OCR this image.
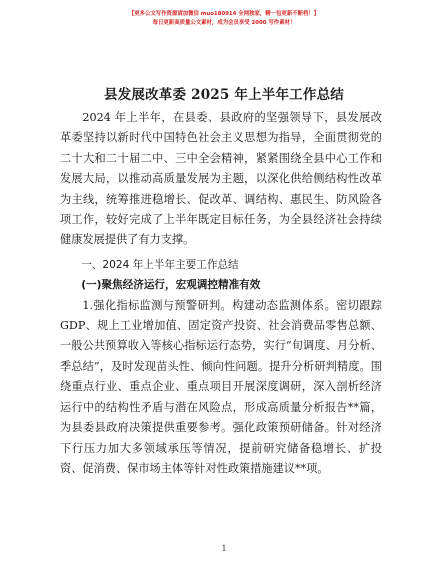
【更多公文写作资源请加微信 muo180914 全网独家，精一包更新不断档！】
每日更新高质量公文素材，成为会员享受 2000 写作素材！
县发展改革委 2025 年上半年工作总结

2024 年上半年，在县委、县政府的坚强领导下，县发展改革委坚持以新时代中国特色社会主义思想为指导，全面贯彻党的二十大和二十届二中、三中全会精神，紧紧围绕全县中心工作和发展大局，以推动高质量发展为主题，以深化供给侧结构性改革为主线，统筹推进稳增长、促改革、调结构、惠民生、防风险各项工作，较好完成了上半年既定目标任务，为全县经济社会持续健康发展提供了有力支撑。

一、2024 年上半年主要工作总结

(一)聚焦经济运行，宏观调控精准有效

1.强化指标监测与预警研判。构建动态监测体系。密切跟踪 GDP、规上工业增加值、固定资产投资、社会消费品零售总额、一般公共预算收入等核心指标运行态势，实行“旬调度、月分析、季总结”，及时发现苗头性、倾向性问题。提升分析研判精度。围绕重点行业、重点企业、重点项目开展深度调研，深入剖析经济运行中的结构性矛盾与潜在风险点，形成高质量分析报告**篇，为县委县政府决策提供重要参考。强化政策预研储备。针对经济下行压力加大多领域承压等情况，提前研究储备稳增长、扩投资、促消费、保市场主体等针对性政策措施建议**项。

1
